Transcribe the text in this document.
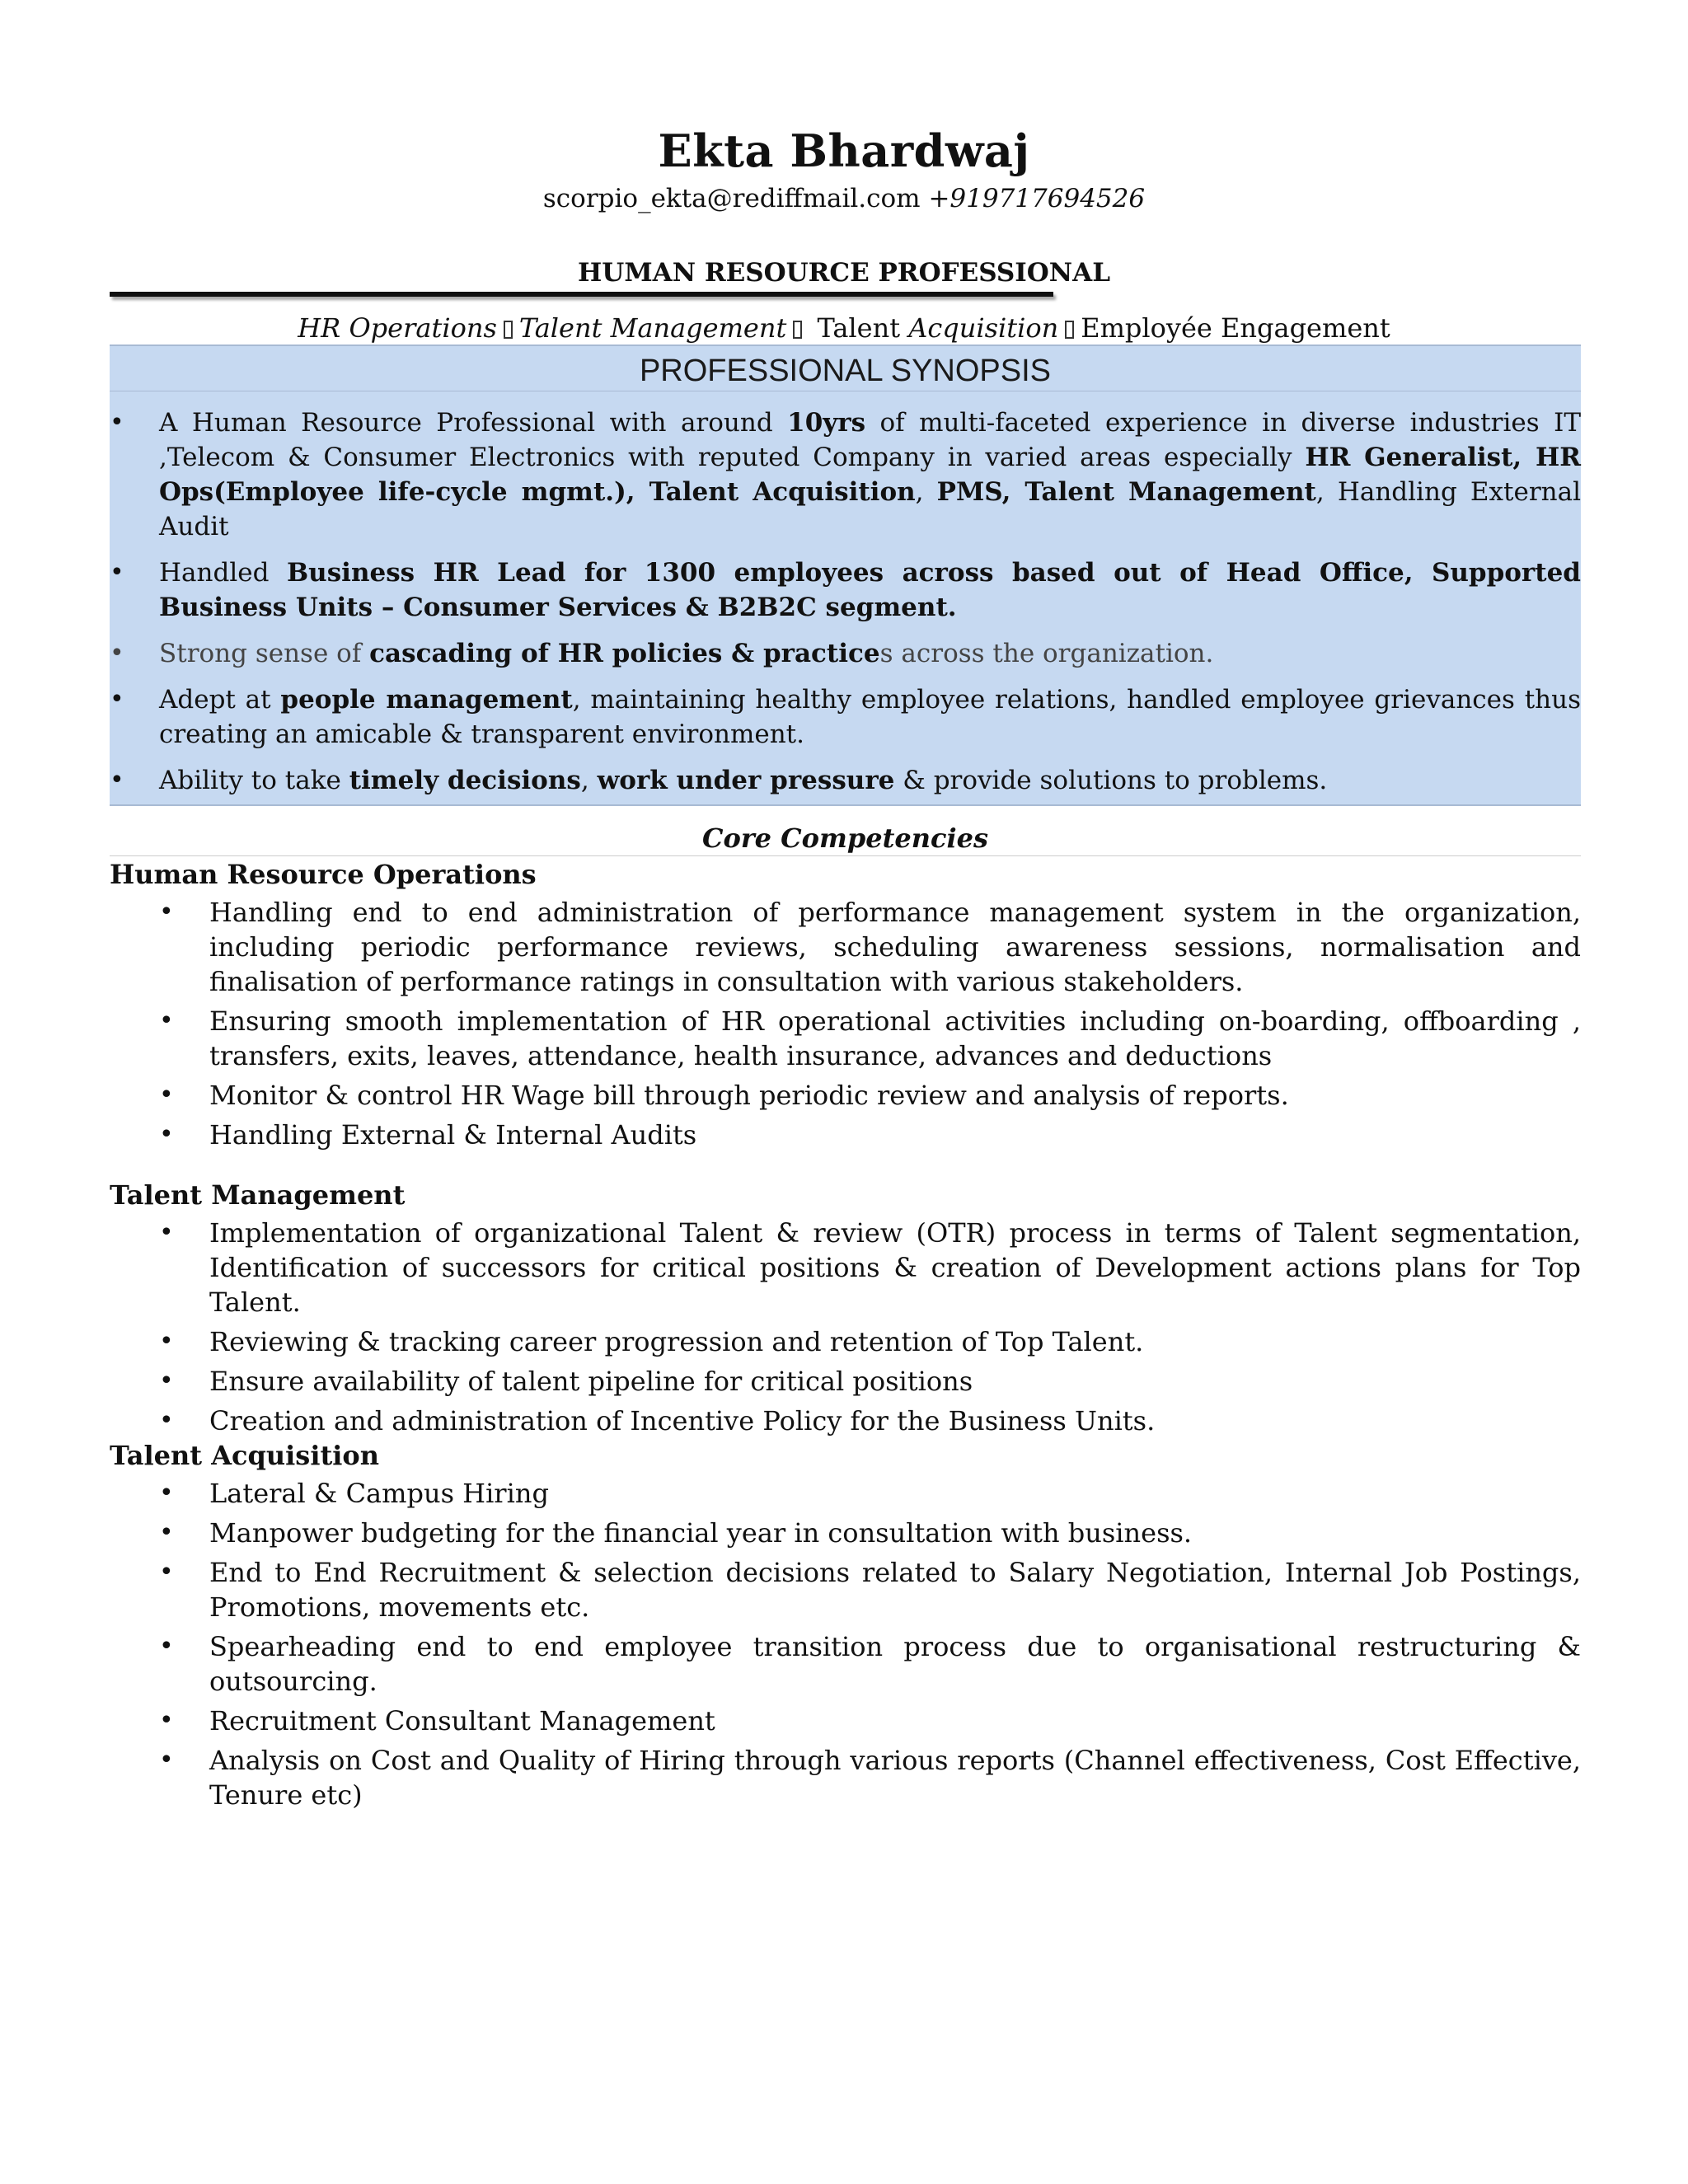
Ekta Bhardwaj
scorpio_ekta@rediffmail.com +919717694526
HUMAN RESOURCE PROFESSIONAL
HR Operations Talent Management Talent Acquisition Employée Engagement
PROFESSIONAL SYNOPSIS
•	A Human Resource Professional with around 10yrs of multi-faceted experience in diverse industries IT ,Telecom & Consumer Electronics with reputed Company in varied areas especially HR Generalist, HR Ops(Employee life-cycle mgmt.), Talent Acquisition, PMS, Talent Management, Handling External Audit
•	Handled Business HR Lead for 1300 employees across based out of Head Office, Supported Business Units – Consumer Services & B2B2C segment.
•	Strong sense of cascading of HR policies & practices across the organization.
•	Adept at people management, maintaining healthy employee relations, handled employee grievances thus creating an amicable & transparent environment.
•	Ability to take timely decisions, work under pressure & provide solutions to problems.
Core Competencies

Human Resource Operations

• Handling end to end administration of performance management system in the organization, including periodic performance reviews, scheduling awareness sessions, normalisation and finalisation of performance ratings in consultation with various stakeholders.
• Ensuring smooth implementation of HR operational activities including on-boarding, offboarding , transfers, exits, leaves, attendance, health insurance, advances and deductions
• Monitor & control HR Wage bill through periodic review and analysis of reports.
• Handling External & Internal Audits

Talent Management

• Implementation of organizational Talent & review (OTR) process in terms of Talent segmentation, Identification of successors for critical positions & creation of Development actions plans for Top Talent.
• Reviewing & tracking career progression and retention of Top Talent.
• Ensure availability of talent pipeline for critical positions
• Creation and administration of Incentive Policy for the Business Units.

Talent Acquisition

• Lateral & Campus Hiring
• Manpower budgeting for the financial year in consultation with business.
• End to End Recruitment & selection decisions related to Salary Negotiation, Internal Job Postings, Promotions, movements etc.
• Spearheading end to end employee transition process due to organisational restructuring & outsourcing.
• Recruitment Consultant Management
• Analysis on Cost and Quality of Hiring through various reports (Channel effectiveness, Cost Effective, Tenure etc)
